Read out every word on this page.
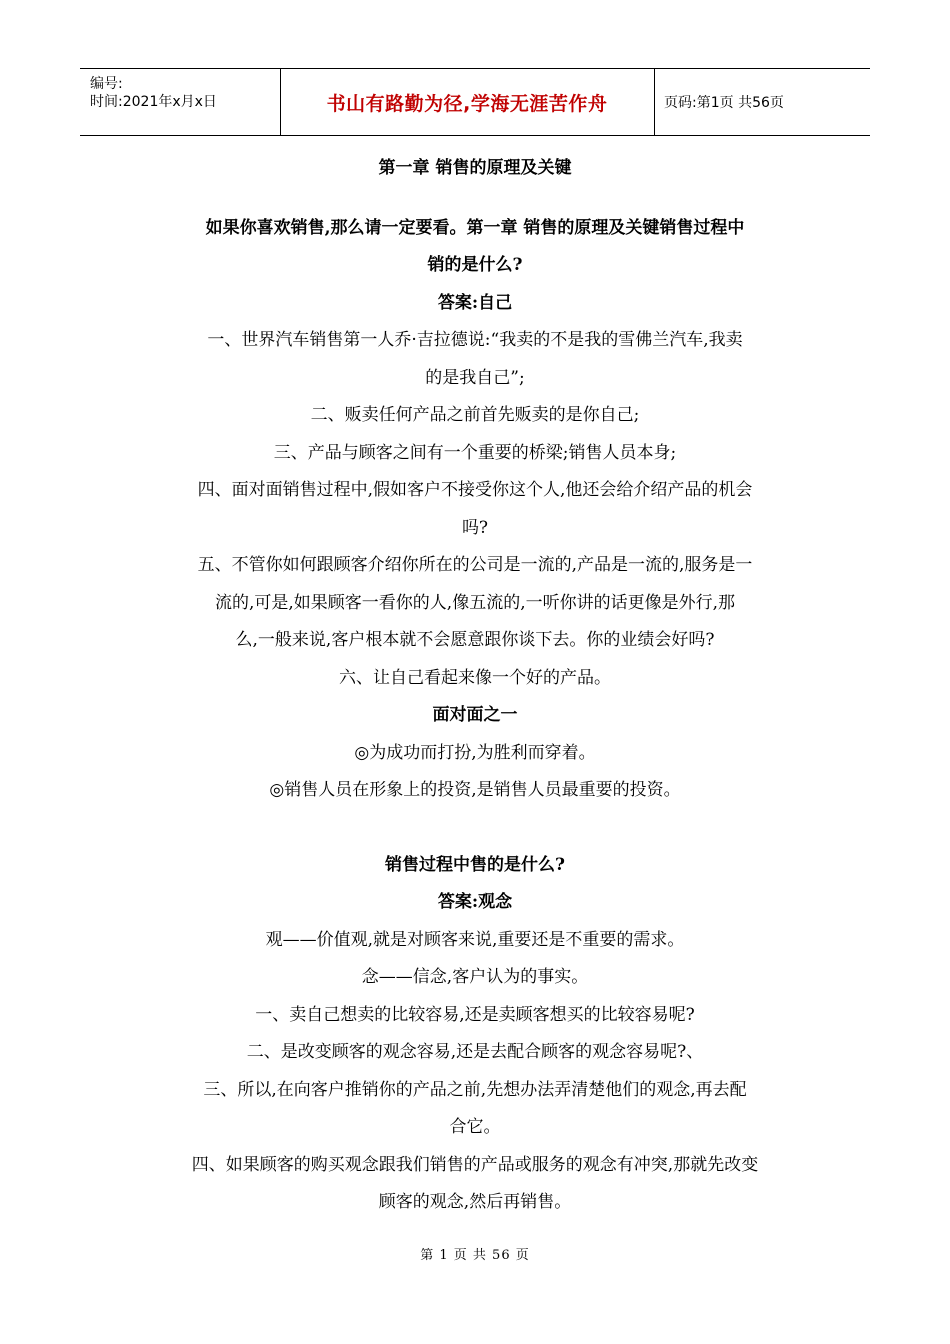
编号:
时间:2021年x月x日	书山有路勤为径,学海无涯苦作舟	页码:第1页 共56页

第一章 销售的原理及关键

如果你喜欢销售,那么请一定要看。第一章 销售的原理及关键销售过程中

销的是什么?

答案:自己

一、世界汽车销售第一人乔·吉拉德说:“我卖的不是我的雪佛兰汽车,我卖

的是我自己”;

二、贩卖任何产品之前首先贩卖的是你自己;

三、产品与顾客之间有一个重要的桥梁;销售人员本身;

四、面对面销售过程中,假如客户不接受你这个人,他还会给介绍产品的机会

吗?

五、不管你如何跟顾客介绍你所在的公司是一流的,产品是一流的,服务是一

流的,可是,如果顾客一看你的人,像五流的,一听你讲的话更像是外行,那

么,一般来说,客户根本就不会愿意跟你谈下去。你的业绩会好吗?

六、让自己看起来像一个好的产品。

面对面之一

◎为成功而打扮,为胜利而穿着。

◎销售人员在形象上的投资,是销售人员最重要的投资。

销售过程中售的是什么?

答案:观念

观——价值观,就是对顾客来说,重要还是不重要的需求。

念——信念,客户认为的事实。

一、卖自己想卖的比较容易,还是卖顾客想买的比较容易呢?

二、是改变顾客的观念容易,还是去配合顾客的观念容易呢?、

三、所以,在向客户推销你的产品之前,先想办法弄清楚他们的观念,再去配

合它。

四、如果顾客的购买观念跟我们销售的产品或服务的观念有冲突,那就先改变

顾客的观念,然后再销售。

第 1 页 共 56 页
